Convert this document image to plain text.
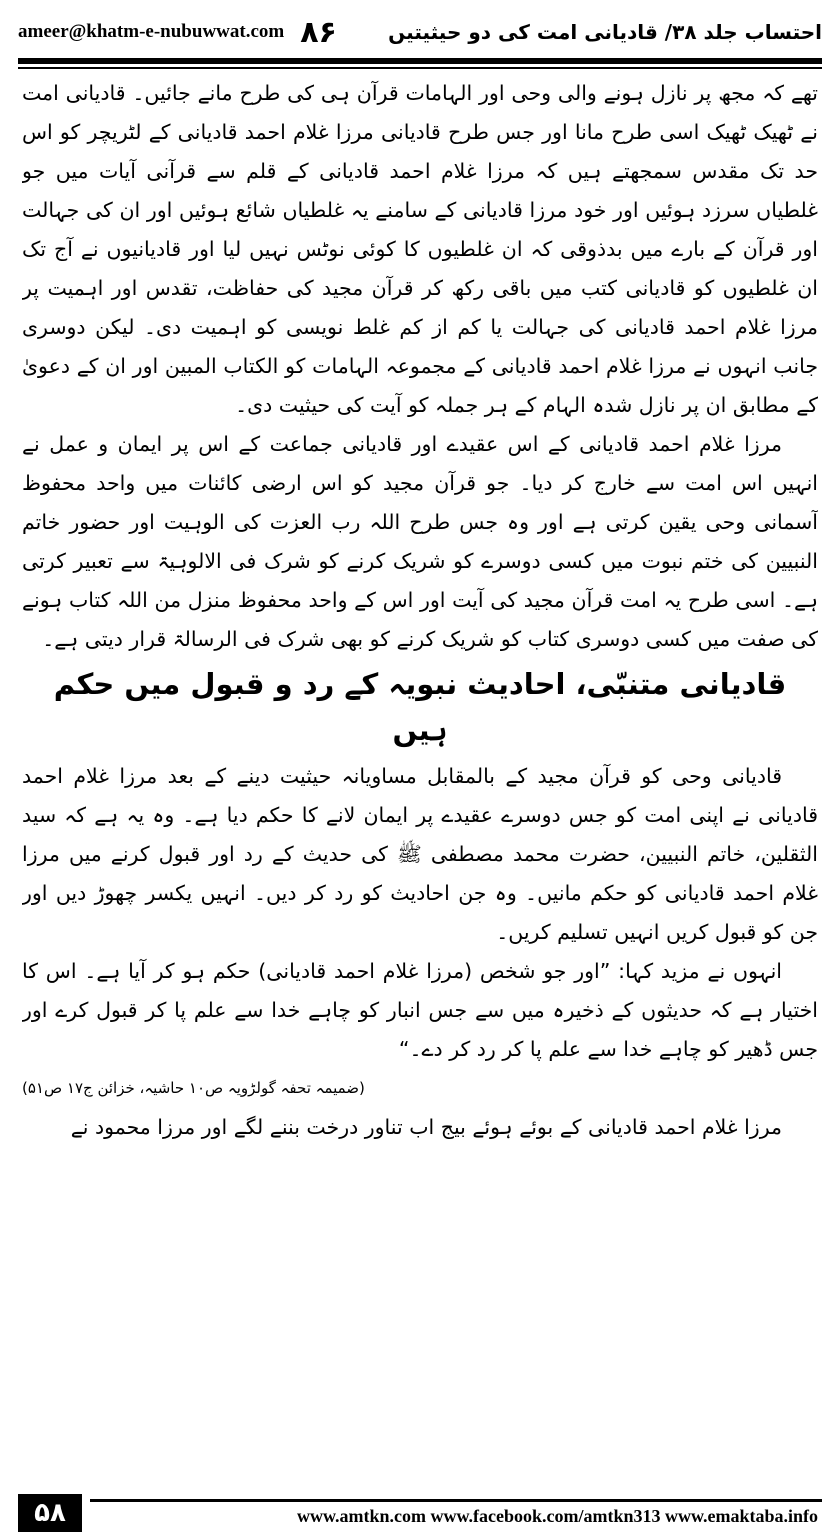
ameer@khatm-e-nubuwwat.com ۸۶	احتساب جلد ۳۸/ قادیانی امت کی دو حیثیتیں

تھے کہ مجھ پر نازل ہونے والی وحی اور الہامات قرآن ہی کی طرح مانے جائیں۔ قادیانی امت نے ٹھیک ٹھیک اسی طرح مانا اور جس طرح قادیانی مرزا غلام احمد قادیانی کے لٹریچر کو اس حد تک مقدس سمجھتے ہیں کہ مرزا غلام احمد قادیانی کے قلم سے قرآنی آیات میں جو غلطیاں سرزد ہوئیں اور خود مرزا قادیانی کے سامنے یہ غلطیاں شائع ہوئیں اور ان کی جہالت اور قرآن کے بارے میں بدذوقی کہ ان غلطیوں کا کوئی نوٹس نہیں لیا اور قادیانیوں نے آج تک ان غلطیوں کو قادیانی کتب میں باقی رکھ کر قرآن مجید کی حفاظت، تقدس اور اہمیت پر مرزا غلام احمد قادیانی کی جہالت یا کم از کم غلط نویسی کو اہمیت دی۔ لیکن دوسری جانب انہوں نے مرزا غلام احمد قادیانی کے مجموعہ الہامات کو الکتاب المبین اور ان کے دعویٰ کے مطابق ان پر نازل شدہ الہام کے ہر جملہ کو آیت کی حیثیت دی۔

مرزا غلام احمد قادیانی کے اس عقیدے اور قادیانی جماعت کے اس پر ایمان و عمل نے انہیں اس امت سے خارج کر دیا۔ جو قرآن مجید کو اس ارضی کائنات میں واحد محفوظ آسمانی وحی یقین کرتی ہے اور وہ جس طرح اللہ رب العزت کی الوہیت اور حضور خاتم النبیین کی ختم نبوت میں کسی دوسرے کو شریک کرنے کو شرک فی الالوہیۃ سے تعبیر کرتی ہے۔ اسی طرح یہ امت قرآن مجید کی آیت اور اس کے واحد محفوظ منزل من اللہ کتاب ہونے کی صفت میں کسی دوسری کتاب کو شریک کرنے کو بھی شرک فی الرسالۃ قرار دیتی ہے۔

قادیانی متنبّی، احادیث نبویہ کے رد و قبول میں حکم ہیں

قادیانی وحی کو قرآن مجید کے بالمقابل مساویانہ حیثیت دینے کے بعد مرزا غلام احمد قادیانی نے اپنی امت کو جس دوسرے عقیدے پر ایمان لانے کا حکم دیا ہے۔ وہ یہ ہے کہ سید الثقلین، خاتم النبیین، حضرت محمد مصطفی ﷺ کی حدیث کے رد اور قبول کرنے میں مرزا غلام احمد قادیانی کو حکم مانیں۔ وہ جن احادیث کو رد کر دیں۔ انہیں یکسر چھوڑ دیں اور جن کو قبول کریں انہیں تسلیم کریں۔

انہوں نے مزید کہا: ”اور جو شخص (مرزا غلام احمد قادیانی) حکم ہو کر آیا ہے۔ اس کا اختیار ہے کہ حدیثوں کے ذخیرہ میں سے جس انبار کو چاہے خدا سے علم پا کر قبول کرے اور جس ڈھیر کو چاہے خدا سے علم پا کر رد کر دے۔“

(ضمیمہ تحفہ گولڑویہ ص۱۰ حاشیہ، خزائن ج۱۷ ص۵۱)

مرزا غلام احمد قادیانی کے بوئے ہوئے بیج اب تناور درخت بننے لگے اور مرزا محمود نے

۵۸	www.amtkn.com www.facebook.com/amtkn313 www.emaktaba.info
